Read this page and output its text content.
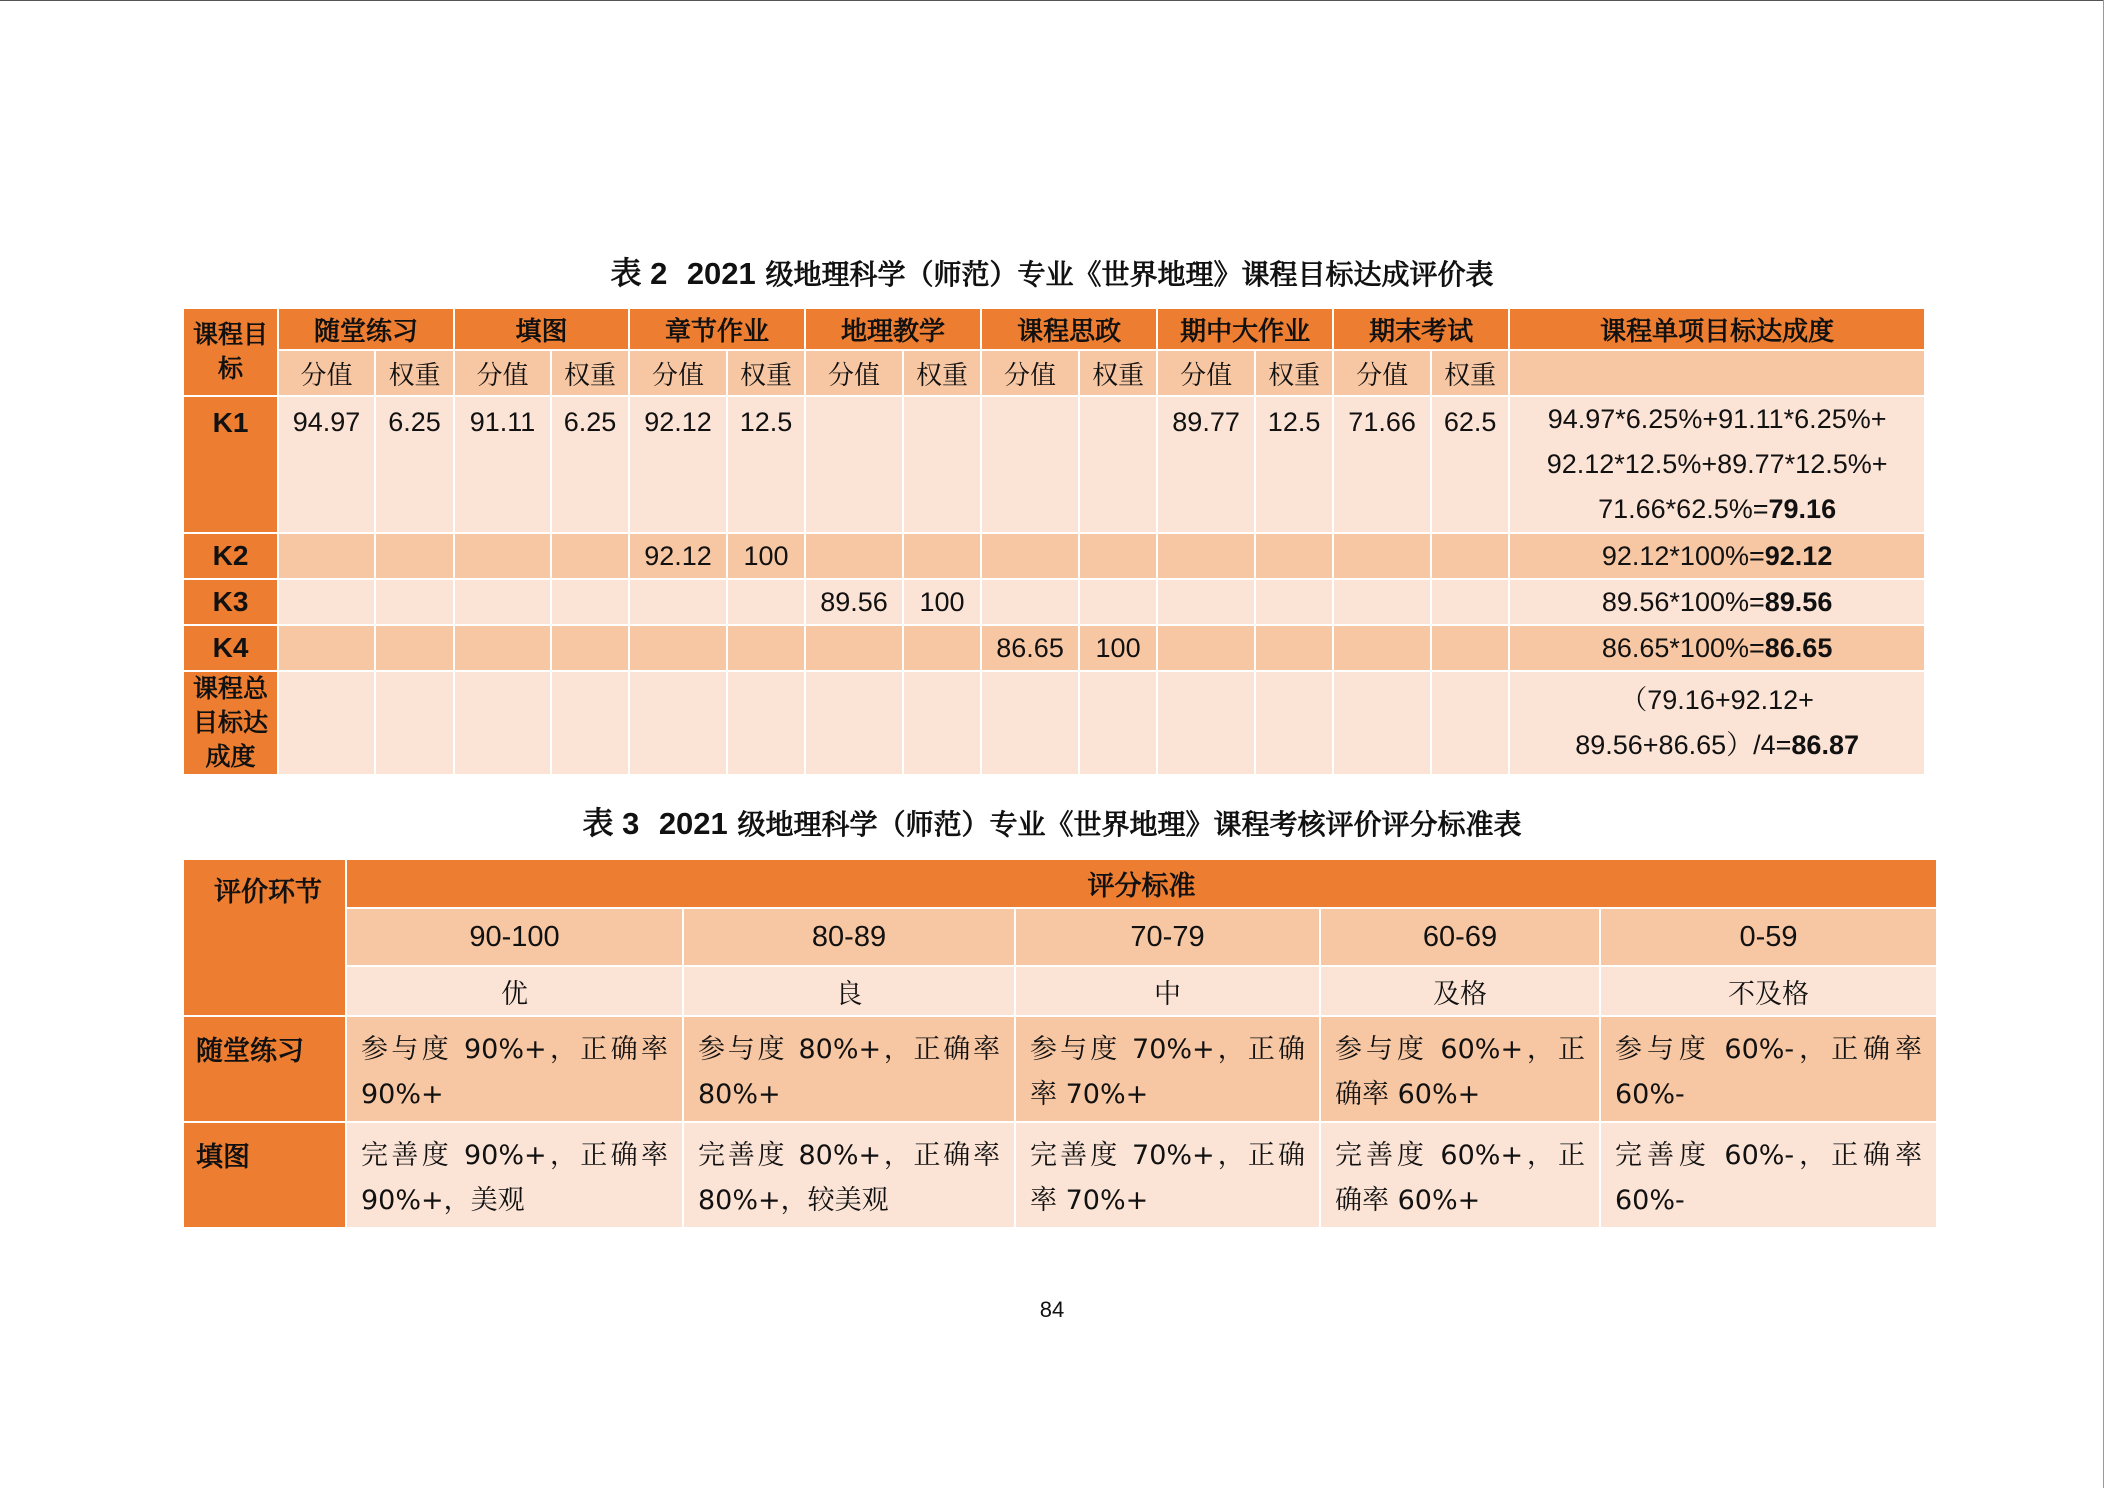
表 2 2021 级地理科学（师范）专业《世界地理》课程目标达成评价表
课程目标	随堂练习		填图		章节作业		地理教学		课程思政		期中大作业		期末考试		课程单项目标达成度
	分值	权重	分值	权重	分值	权重	分值	权重	分值	权重	分值	权重	分值	权重	
K1	94.97	6.25	91.11	6.25	92.12	12.5					89.77	12.5	71.66	62.5	94.97*6.25%+91.11*6.25%+
92.12*12.5%+89.77*12.5%+
71.66*62.5%=79.16

K2					92.12	100									92.12*100%=92.12
K3							89.56	100							89.56*100%=89.56
K4									86.65	100					86.65*100%=86.65
课程总目标达成度															（79.16+92.12+
89.56+86.65）/4=86.87
表 3 2021 级地理科学（师范）专业《世界地理》课程考核评价评分标准表
评价环节	评分标准				
	90-100	80-89	70-79	60-69	0-59
	优	良	中	及格	不及格
随堂练习	参与度 90%+，正确率 90%+	参与度 80%+，正确率 80%+	参与度 70%+，正确率 70%+	参与度 60%+，正确率 60%+	参与度 60%-，正确率 60%-
填图	完善度 90%+，正确率 90%+，美观	完善度 80%+，正确率 80%+，较美观	完善度 70%+，正确率 70%+	完善度 60%+，正确率 60%+	完善度 60%-，正确率 60%-
84
